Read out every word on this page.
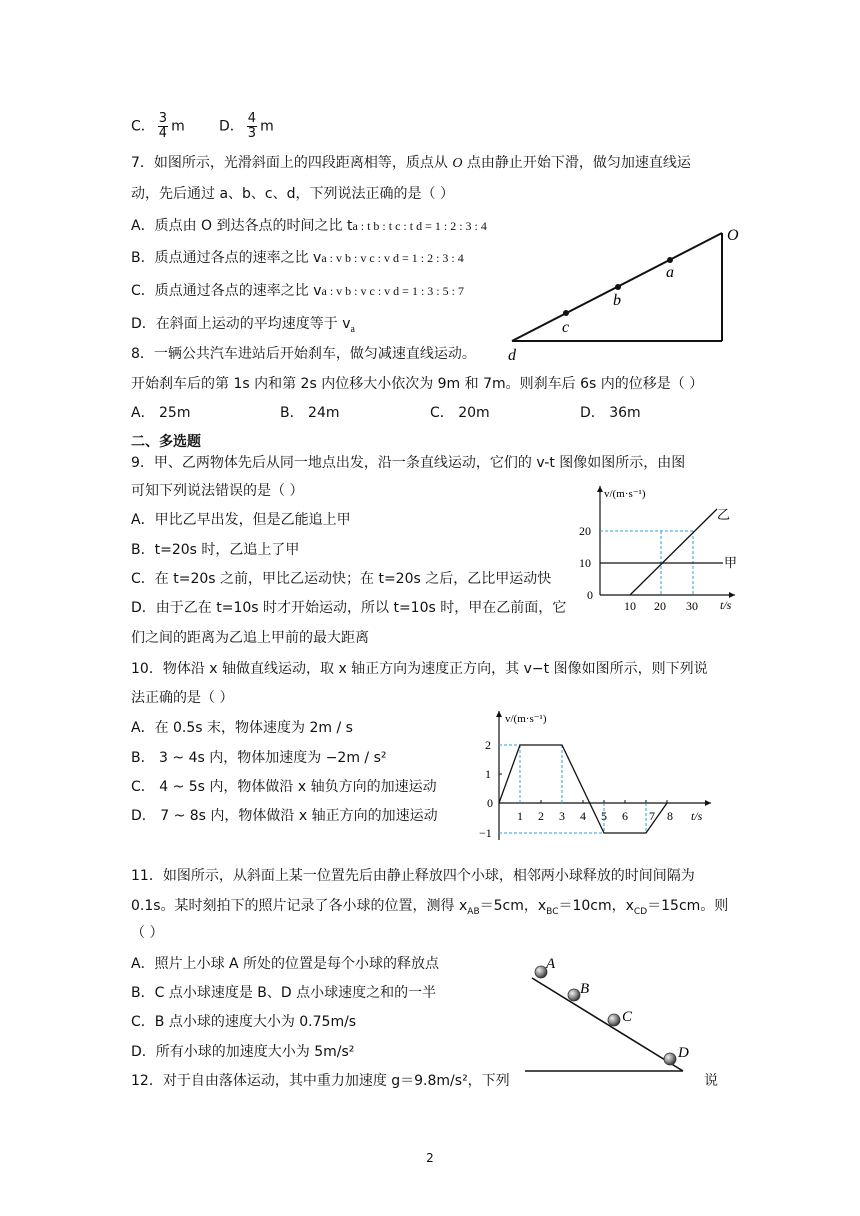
C． $\frac{3}{4}$ m D． $\frac{4}{3}$ m
7．如图所示，光滑斜面上的四段距离相等，质点从 O 点由静止开始下滑，做匀加速直线运
动，先后通过 a、b、c、d，下列说法正确的是（ ）
A．质点由 O 到达各点的时间之比 ta : t b : t c : t d = 1 : 2 : 3 : 4
B．质点通过各点的速率之比 va : v b : v c : v d = 1 : 2 : 3 : 4
C．质点通过各点的速率之比 va : v b : v c : v d = 1 : 3 : 5 : 7
D．在斜面上运动的平均速度等于 $v_a$
O
a
b
c
d
8．一辆公共汽车进站后开始刹车，做匀减速直线运动。
开始刹车后的第 1s 内和第 2s 内位移大小依次为 9m 和 7m。则刹车后 6s 内的位移是（ ）
A． 25m	B． 24m	C． 20m	D． 36m
二、多选题
9．甲、乙两物体先后从同一地点出发，沿一条直线运动，它们的 v-t 图像如图所示，由图
可知下列说法错误的是（ ）
A．甲比乙早出发，但是乙能追上甲
B．t=20s 时，乙追上了甲
C．在 t=20s 之前，甲比乙运动快；在 t=20s 之后，乙比甲运动快
D．由于乙在 t=10s 时才开始运动，所以 t=10s 时，甲在乙前面，它
们之间的距离为乙追上甲前的最大距离
v/(m·s⁻¹)
t/s
乙
甲
20
10
0
10 20 30
10．物体沿 x 轴做直线运动，取 x 轴正方向为速度正方向，其 v−t 图像如图所示，则下列说
法正确的是（ ）
A．在 0.5s 末，物体速度为 2m / s
B． 3 ~ 4s 内，物体加速度为 −2m / s²
C． 4 ~ 5s 内，物体做沿 x 轴负方向的加速运动
D． 7 ~ 8s 内，物体做沿 x 轴正方向的加速运动
v/(m·s⁻¹)
t/s
2
1
0
−1
1 2 3 4 5 6 7 8
11．如图所示，从斜面上某一位置先后由静止释放四个小球，相邻两小球释放的时间间隔为
0.1s。某时刻拍下的照片记录了各小球的位置，测得 $x_{AB}=5cm$，$x_{BC}=10cm$，$x_{CD}=15cm$。则
（ ）
A．照片上小球 A 所处的位置是每个小球的释放点
B．C 点小球速度是 B、D 点小球速度之和的一半
C．B 点小球的速度大小为 0.75m/s
D．所有小球的加速度大小为 5m/s²
A
B
C
D
12．对于自由落体运动，其中重力加速度 g＝9.8m/s²，下列	说
2
